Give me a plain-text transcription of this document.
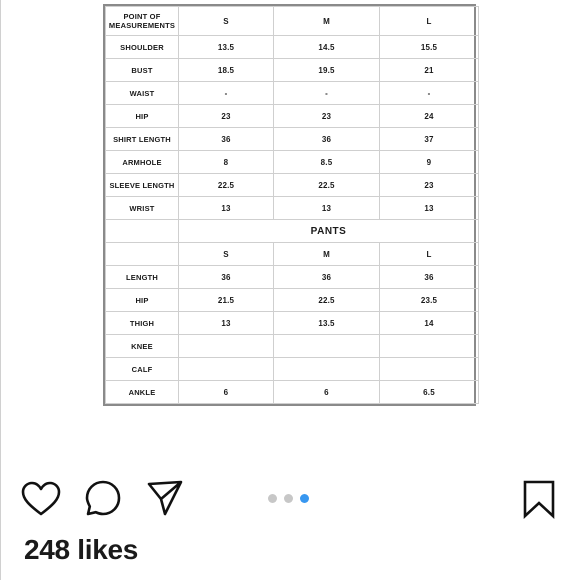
POINT OF MEASUREMENTS	S	M	L
SHOULDER	13.5	14.5	15.5
BUST	18.5	19.5	21
WAIST	-	-	-
HIP	23	23	24
SHIRT LENGTH	36	36	37
ARMHOLE	8	8.5	9
SLEEVE LENGTH	22.5	22.5	23
WRIST	13	13	13
	PANTS		
	S	M	L
LENGTH	36	36	36
HIP	21.5	22.5	23.5
THIGH	13	13.5	14
KNEE			
CALF			
ANKLE	6	6	6.5
248 likes
